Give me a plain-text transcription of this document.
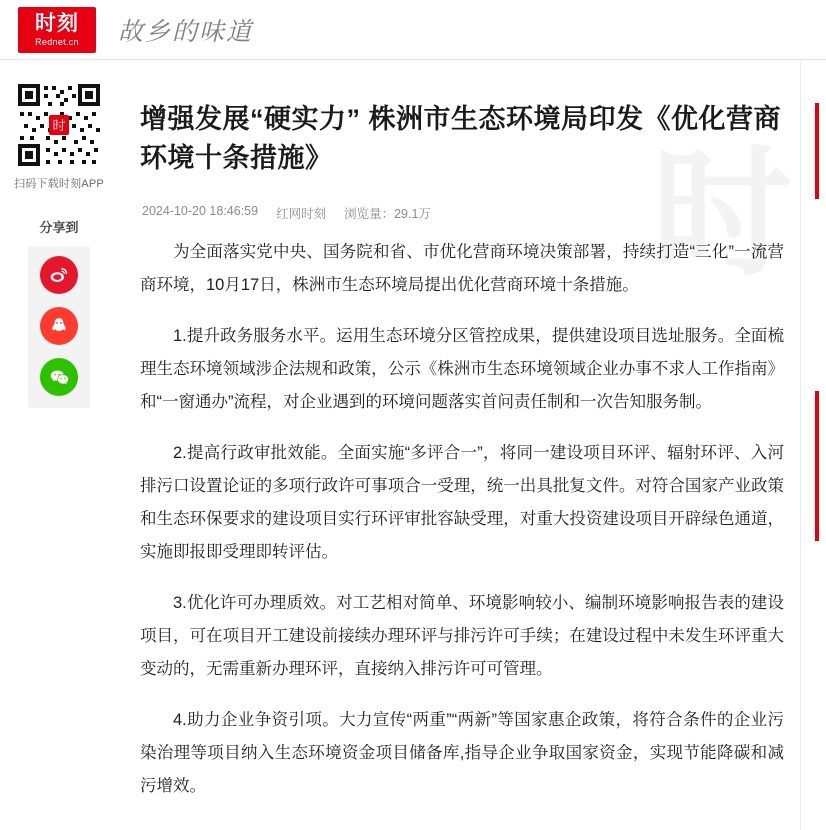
时刻
Rednet.cn 故乡的味道
时
扫码下载时刻APP
分享到	时
增强发展“硬实力” 株洲市生态环境局印发《优化营商环境十条措施》
2024-10-20 18:46:59 红网时刻 浏览量：29.1万

为全面落实党中央、国务院和省、市优化营商环境决策部署，持续打造“三化”一流营商环境，10月17日，株洲市生态环境局提出优化营商环境十条措施。

1.提升政务服务水平。运用生态环境分区管控成果，提供建设项目选址服务。全面梳理生态环境领域涉企法规和政策，公示《株洲市生态环境领域企业办事不求人工作指南》和“一窗通办”流程，对企业遇到的环境问题落实首问责任制和一次告知服务制。

2.提高行政审批效能。全面实施“多评合一”，将同一建设项目环评、辐射环评、入河排污口设置论证的多项行政许可事项合一受理，统一出具批复文件。对符合国家产业政策和生态环保要求的建设项目实行环评审批容缺受理，对重大投资建设项目开辟绿色通道，实施即报即受理即转评估。

3.优化许可办理质效。对工艺相对简单、环境影响较小、编制环境影响报告表的建设项目，可在项目开工建设前接续办理环评与排污许可手续；在建设过程中未发生环评重大变动的，无需重新办理环评，直接纳入排污许可可管理。

4.助力企业争资引项。大力宣传“两重”“两新”等国家惠企政策，将符合条件的企业污染治理等项目纳入生态环境资金项目储备库,指导企业争取国家资金，实现节能降碳和减污增效。
